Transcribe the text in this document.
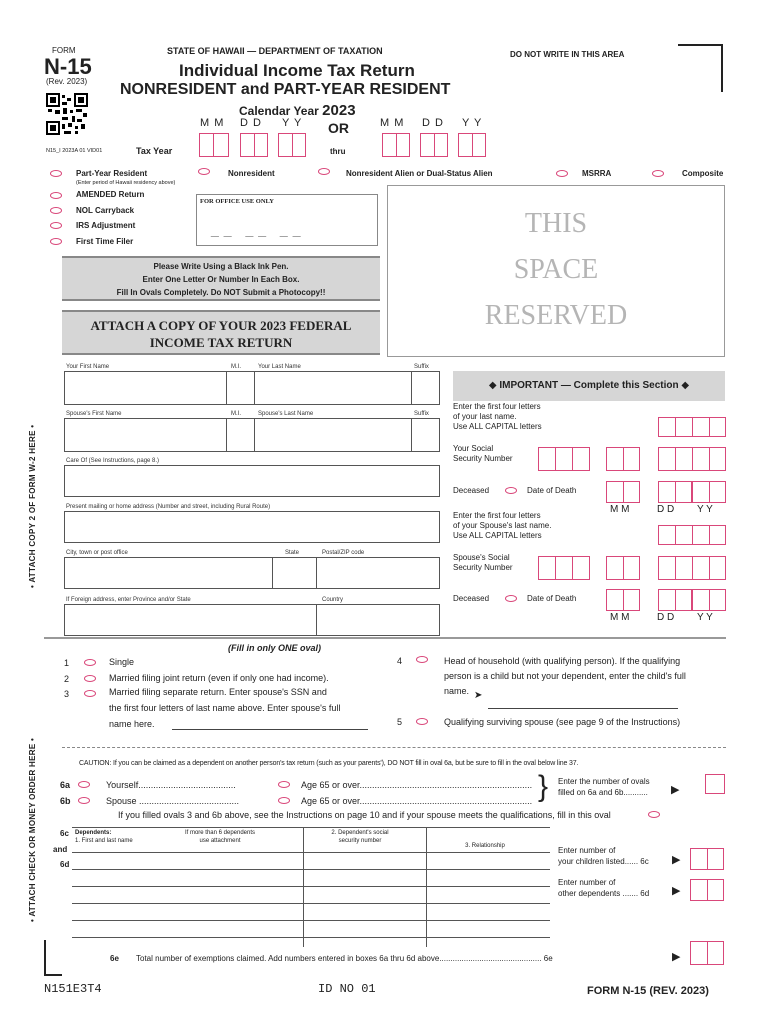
FORM
N-15
(Rev. 2023)
STATE OF HAWAII — DEPARTMENT OF TAXATION
Individual Income Tax Return
NONRESIDENT and PART-YEAR RESIDENT
DO NOT WRITE IN THIS AREA
Calendar Year 2023
M M D D Y Y OR	M M D D Y Y
N15_I 2023A 01 VID01	Tax Year	thru
Part-Year Resident
(Enter period of Hawaii residency above)
Nonresident	Nonresident Alien or Dual-Status Alien	MSRRA	Composite
AMENDED Return
NOL Carryback
IRS Adjustment
First Time Filer
FOR OFFICE USE ONLY
__ __ __
Please Write Using a Black Ink Pen.
Enter One Letter Or Number In Each Box.
Fill In Ovals Completely. Do NOT Submit a Photocopy!!
ATTACH A COPY OF YOUR 2023 FEDERAL
INCOME TAX RETURN
THIS
SPACE
RESERVED
• ATTACH COPY 2 OF FORM W-2 HERE •
• ATTACH CHECK OR MONEY ORDER HERE •
Your First Name	M.I.	Your Last Name	Suffix
Spouse's First Name	M.I.	Spouse's Last Name	Suffix
Care Of (See Instructions, page 8.)
Present mailing or home address (Number and street, including Rural Route)
City, town or post office	State	Postal/ZIP code
If Foreign address, enter Province and/or State	Country
◆ IMPORTANT — Complete this Section ◆
Enter the first four letters
of your last name.
Use ALL CAPITAL letters
Your Social
Security Number
Deceased	Date of Death
M M	D D Y Y
Enter the first four letters
of your Spouse's last name.
Use ALL CAPITAL letters
Spouse's Social
Security Number
Deceased	Date of Death
M M	D D Y Y
(Fill in only ONE oval)
1	Single
2	Married filing joint return (even if only one had income).
3	Married filing separate return. Enter spouse's SSN and
the first four letters of last name above. Enter spouse's full
name here.
4	Head of household (with qualifying person). If the qualifying
person is a child but not your dependent, enter the child's full
name. ➤
5	Qualifying surviving spouse (see page 9 of the Instructions)
CAUTION: If you can be claimed as a dependent on another person's tax return (such as your parents'), DO NOT fill in oval 6a, but be sure to fill in the oval below line 37.
6a	Yourself.......................................	Age 65 or over.....................................................................
6b	Spouse ........................................	Age 65 or over..................................................................... } Enter the number of ovals
filled on 6a and 6b........... ▶
If you filled ovals 3 and 6b above, see the Instructions on page 10 and if your spouse meets the qualifications, fill in this oval
6c
and
6d
Dependents:
1. First and last name
If more than 6 dependents
use attachment
2. Dependent's social
security number
3. Relationship	Enter number of
your children listed...... 6c ▶
Enter number of
other dependents ....... 6d ▶
6e Total number of exemptions claimed. Add numbers entered in boxes 6a thru 6d above.............................................. 6e	▶
N151E3T4	ID NO 01	FORM N-15 (REV. 2023)
